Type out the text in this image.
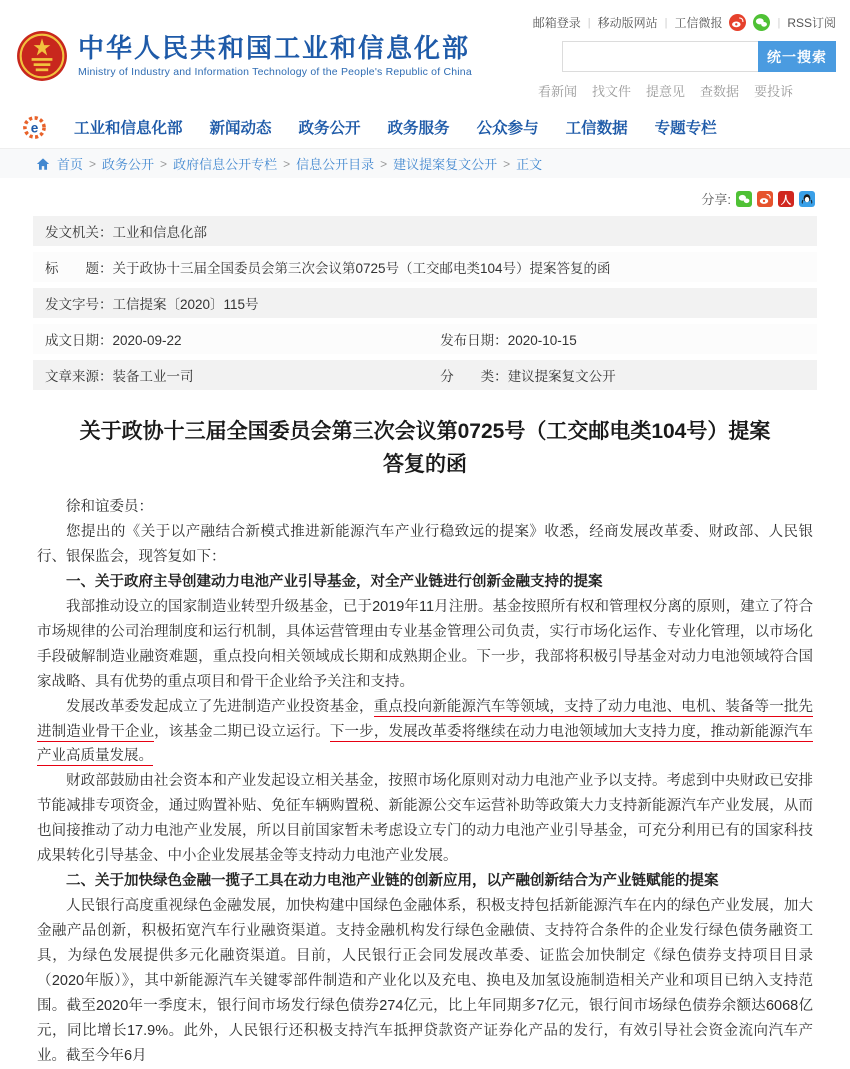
中华人民共和国工业和信息化部
Ministry of Industry and Information Technology of the People's Republic of China
邮箱登录
| 移动版网站
| 工信微报
|	RSS订阅
统一搜索
看新闻 找文件 提意见 查数据 要投诉
e 工业和信息化部 新闻动态 政务公开 政务服务 公众参与 工信数据 专题专栏
首页 > 政务公开 > 政府信息公开专栏 > 信息公开目录 > 建议提案复文公开 > 正文
分享:	人
发文机关：工业和信息化部
标　　题：关于政协十三届全国委员会第三次会议第0725号（工交邮电类104号）提案答复的函
发文字号：工信提案〔2020〕115号
成文日期：2020-09-22	发布日期：2020-10-15
文章来源：装备工业一司	分　　类：建议提案复文公开
关于政协十三届全国委员会第三次会议第0725号（工交邮电类104号）提案答复的函

徐和谊委员：

您提出的《关于以产融结合新模式推进新能源汽车产业行稳致远的提案》收悉，经商发展改革委、财政部、人民银行、银保监会，现答复如下：

一、关于政府主导创建动力电池产业引导基金，对全产业链进行创新金融支持的提案

我部推动设立的国家制造业转型升级基金，已于2019年11月注册。基金按照所有权和管理权分离的原则，建立了符合市场规律的公司治理制度和运行机制，具体运营管理由专业基金管理公司负责，实行市场化运作、专业化管理，以市场化手段破解制造业融资难题，重点投向相关领域成长期和成熟期企业。下一步，我部将积极引导基金对动力电池领域符合国家战略、具有优势的重点项目和骨干企业给予关注和支持。

发展改革委发起成立了先进制造产业投资基金，重点投向新能源汽车等领域，支持了动力电池、电机、装备等一批先进制造业骨干企业，该基金二期已设立运行。下一步，发展改革委将继续在动力电池领域加大支持力度，推动新能源汽车产业高质量发展。

财政部鼓励由社会资本和产业发起设立相关基金，按照市场化原则对动力电池产业予以支持。考虑到中央财政已安排节能减排专项资金，通过购置补贴、免征车辆购置税、新能源公交车运营补助等政策大力支持新能源汽车产业发展，从而也间接推动了动力电池产业发展，所以目前国家暂未考虑设立专门的动力电池产业引导基金，可充分利用已有的国家科技成果转化引导基金、中小企业发展基金等支持动力电池产业发展。

二、关于加快绿色金融一揽子工具在动力电池产业链的创新应用，以产融创新结合为产业链赋能的提案

人民银行高度重视绿色金融发展，加快构建中国绿色金融体系，积极支持包括新能源汽车在内的绿色产业发展，加大金融产品创新，积极拓宽汽车行业融资渠道。支持金融机构发行绿色金融债、支持符合条件的企业发行绿色债务融资工具，为绿色发展提供多元化融资渠道。目前，人民银行正会同发展改革委、证监会加快制定《绿色债券支持项目目录（2020年版）》，其中新能源汽车关键零部件制造和产业化以及充电、换电及加氢设施制造相关产业和项目已纳入支持范围。截至2020年一季度末，银行间市场发行绿色债券274亿元，比上年同期多7亿元，银行间市场绿色债券余额达6068亿元，同比增长17.9%。此外，人民银行还积极支持汽车抵押贷款资产证券化产品的发行，有效引导社会资金流向汽车产业。截至今年6月
